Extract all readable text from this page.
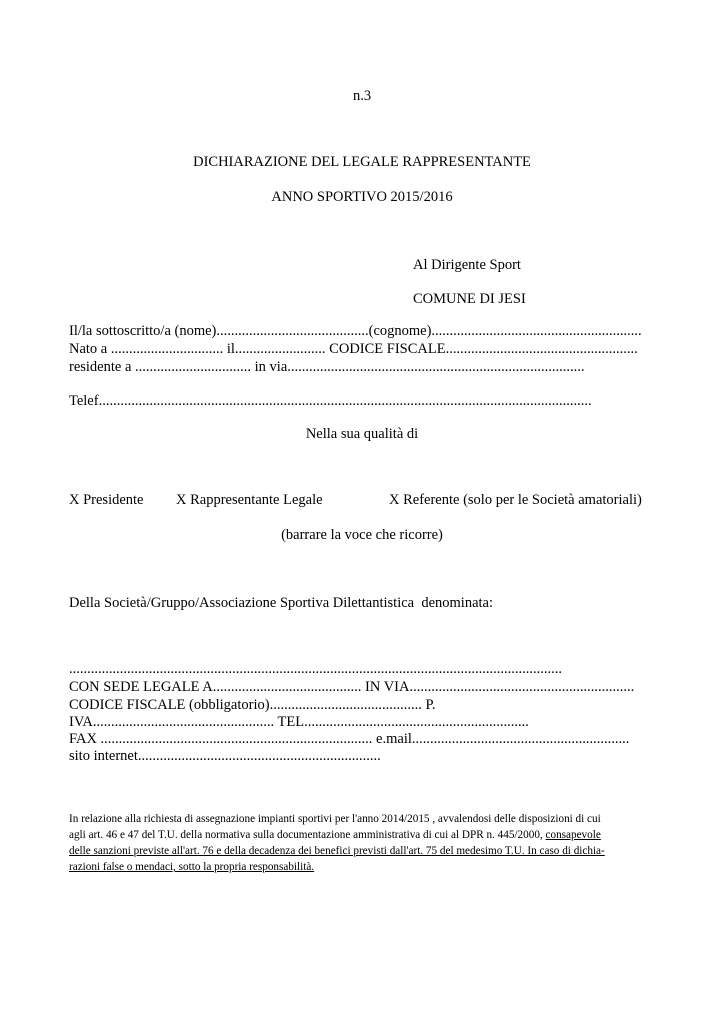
n.3
DICHIARAZIONE DEL LEGALE RAPPRESENTANTE
ANNO SPORTIVO 2015/2016
Al Dirigente Sport
COMUNE DI JESI
Il/la sottoscritto/a (nome)..........................................(cognome)..........................................................
Nato a ............................... il......................... CODICE FISCALE.....................................................
residente a ................................ in via..................................................................................
Telef........................................................................................................................................
Nella sua qualità di
X Presidente X Rappresentante Legale	X Referente (solo per le Società amatoriali)
(barrare la voce che ricorre)
Della Società/Gruppo/Associazione Sportiva Dilettantistica  denominata:
........................................................................................................................................
CON SEDE LEGALE A......................................... IN VIA..............................................................
CODICE FISCALE (obbligatorio).......................................... P.
IVA.................................................. TEL..............................................................
FAX ........................................................................... e.mail............................................................
sito internet...................................................................
In relazione alla richiesta di assegnazione impianti sportivi per l'anno 2014/2015 , avvalendosi delle disposizioni di cui
agli art. 46 e 47 del T.U. della normativa sulla documentazione amministrativa di cui al DPR n. 445/2000, consapevole
delle sanzioni previste all'art. 76 e della decadenza dei benefici previsti dall'art. 75 del medesimo T.U. In caso di dichia-
razioni false o mendaci, sotto la propria responsabilità.
